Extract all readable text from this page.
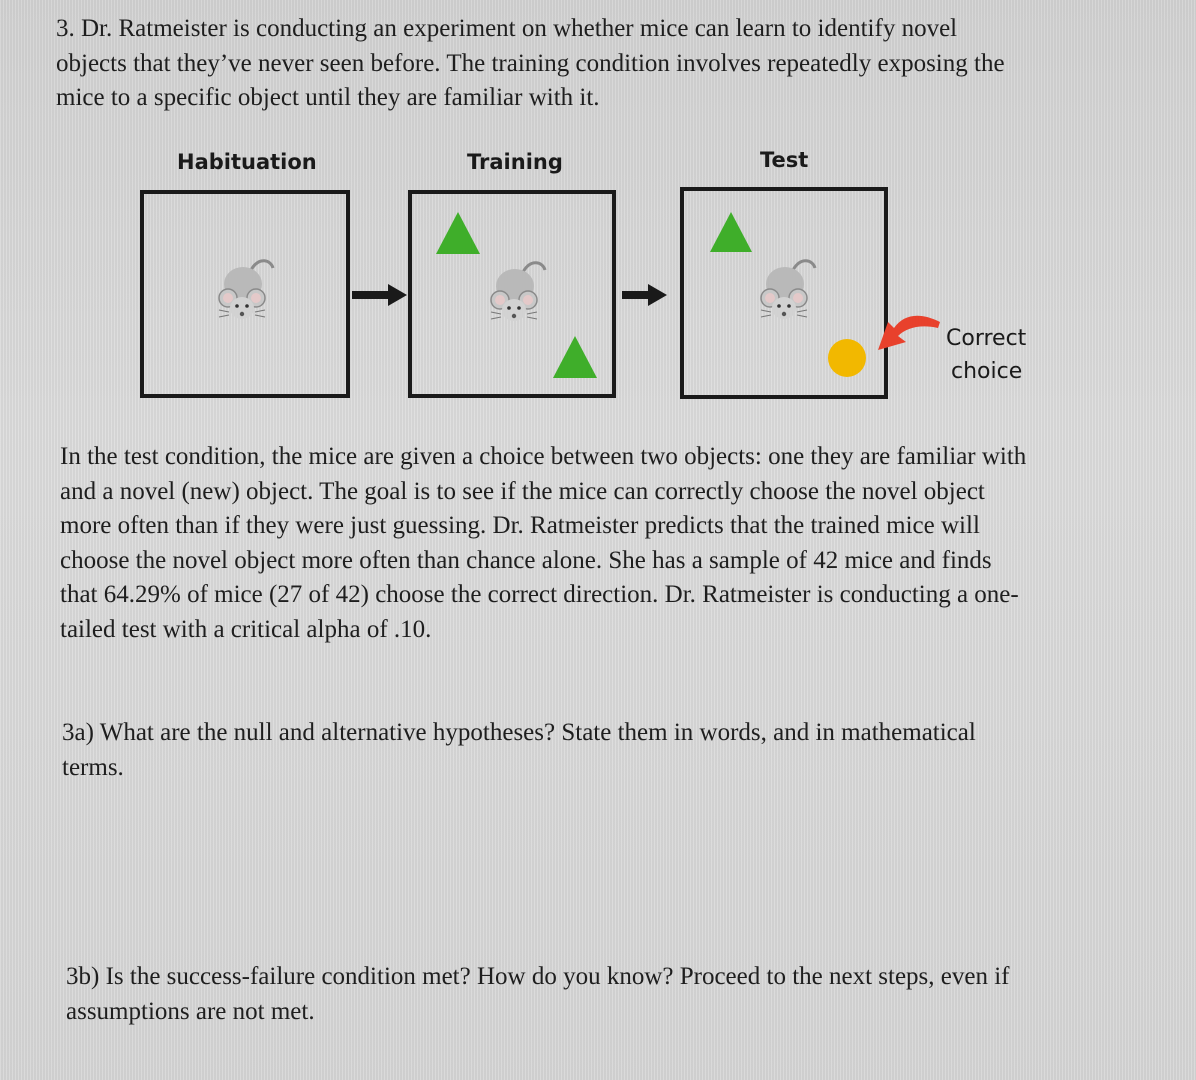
3. Dr. Ratmeister is conducting an experiment on whether mice can learn to identify novel
objects that they’ve never seen before. The training condition involves repeatedly exposing the
mice to a specific object until they are familiar with it.

Habituation	Training	Test
Correct
choice

In the test condition, the mice are given a choice between two objects: one they are familiar with
and a novel (new) object. The goal is to see if the mice can correctly choose the novel object
more often than if they were just guessing. Dr. Ratmeister predicts that the trained mice will
choose the novel object more often than chance alone. She has a sample of 42 mice and finds
that 64.29% of mice (27 of 42) choose the correct direction. Dr. Ratmeister is conducting a one-
tailed test with a critical alpha of .10.

3a) What are the null and alternative hypotheses? State them in words, and in mathematical
terms.

3b) Is the success-failure condition met? How do you know? Proceed to the next steps, even if
assumptions are not met.
